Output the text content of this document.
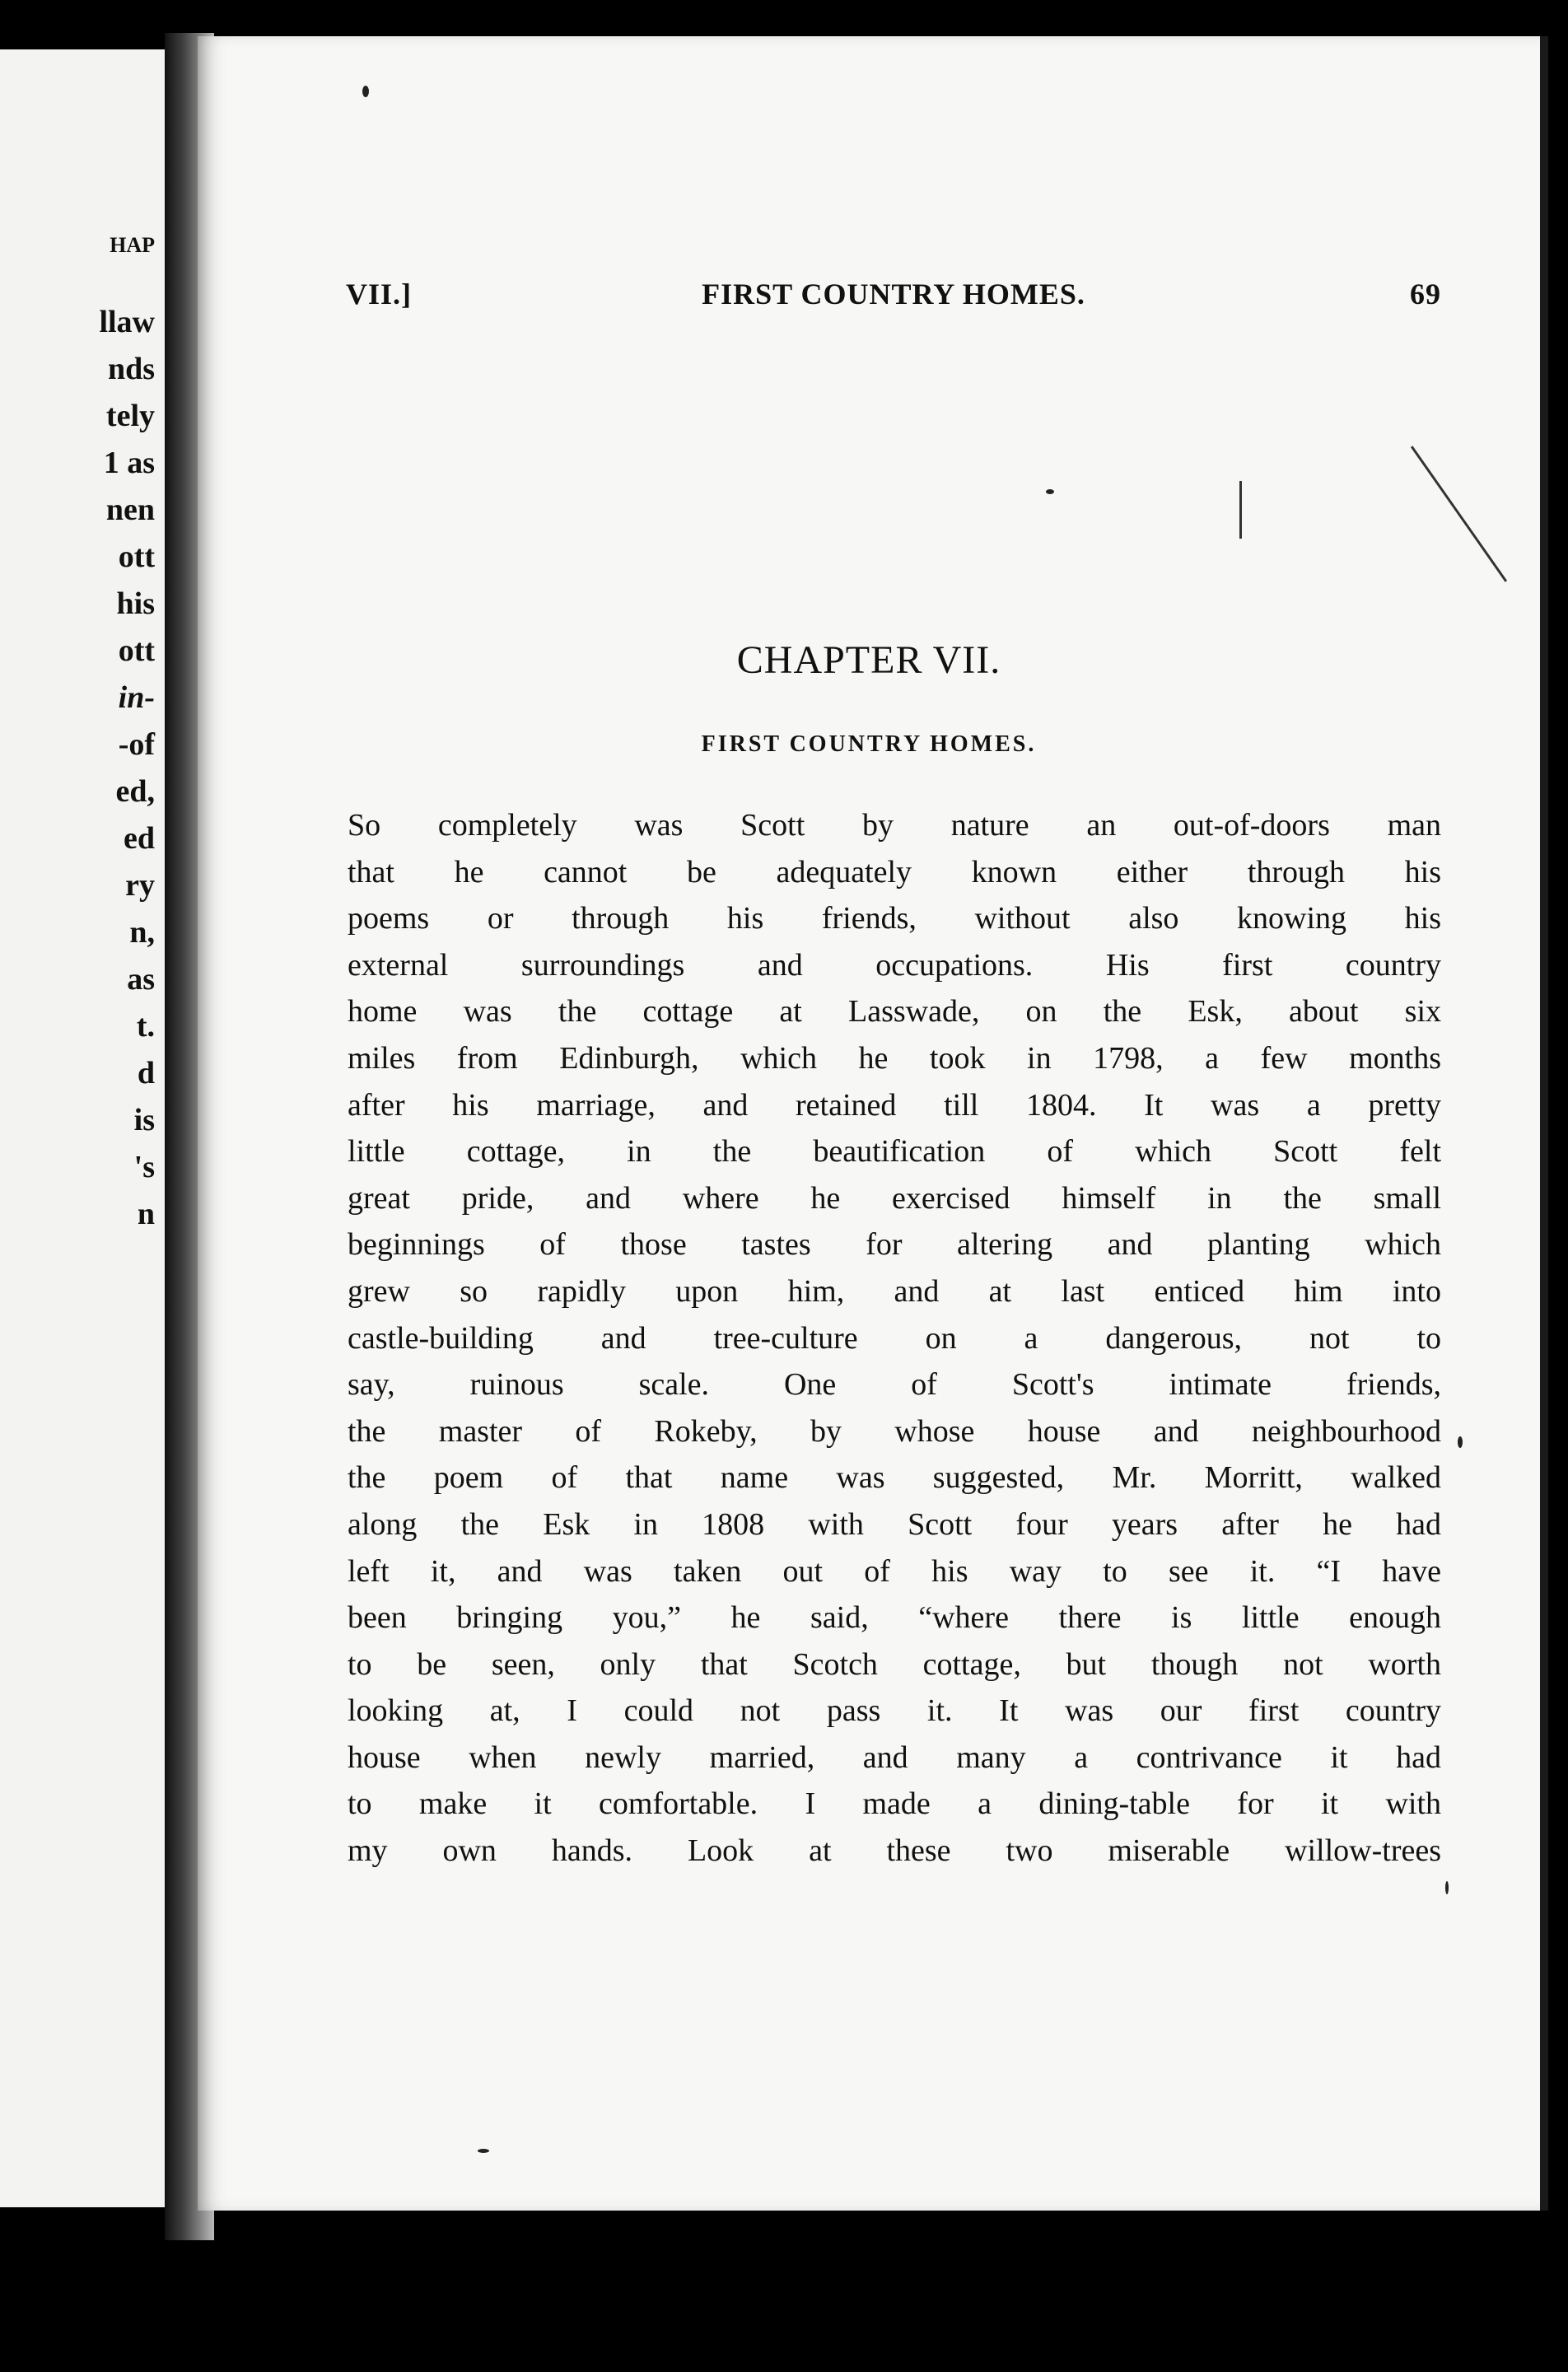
HAP
llaw
nds
tely
1 as
nen
ott
his
ott
in-
-of
ed,
ed
ry
n,
as
t.
d
is
's
n
VII.]	FIRST COUNTRY HOMES.	69
CHAPTER VII.
FIRST COUNTRY HOMES.
So completely was Scott by nature an out-of-doors man
that he cannot be adequately known either through his
poems or through his friends, without also knowing his
external surroundings and occupations. His first country
home was the cottage at Lasswade, on the Esk, about six
miles from Edinburgh, which he took in 1798, a few months
after his marriage, and retained till 1804. It was a pretty
little cottage, in the beautification of which Scott felt
great pride, and where he exercised himself in the small
beginnings of those tastes for altering and planting which
grew so rapidly upon him, and at last enticed him into
castle-building and tree-culture on a dangerous, not to
say, ruinous scale. One of Scott's intimate friends,
the master of Rokeby, by whose house and neighbourhood
the poem of that name was suggested, Mr. Morritt, walked
along the Esk in 1808 with Scott four years after he had
left it, and was taken out of his way to see it. “I have
been bringing you,” he said, “where there is little enough
to be seen, only that Scotch cottage, but though not worth
looking at, I could not pass it. It was our first country
house when newly married, and many a contrivance it had
to make it comfortable. I made a dining-table for it with
my own hands. Look at these two miserable willow-trees
